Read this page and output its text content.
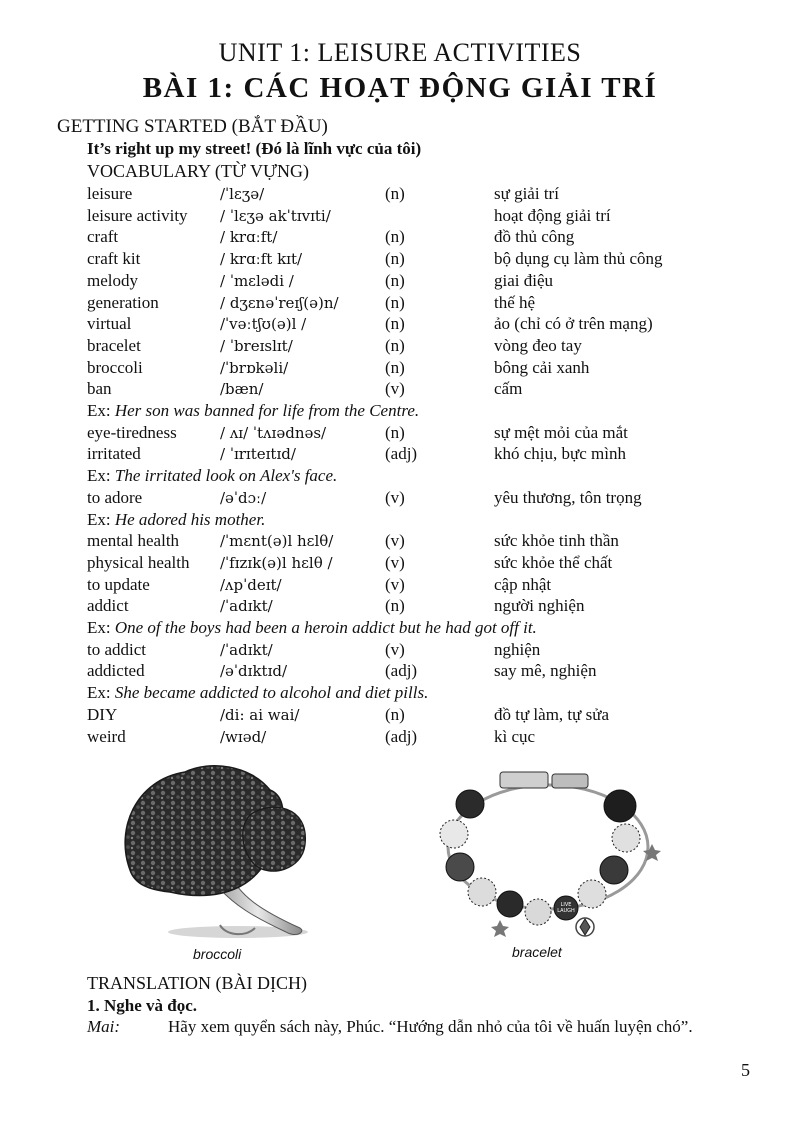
UNIT 1: LEISURE ACTIVITIES
BÀI 1: CÁC HOẠT ĐỘNG GIẢI TRÍ
GETTING STARTED (BẮT ĐẦU)
It’s right up my street! (Đó là lĩnh vực của tôi)
VOCABULARY (TỪ VỰNG)
leisure	/ˈlɛʒə/	(n)	sự giải trí
leisure activity / ˈlɛʒə akˈtɪvɪti/	hoạt động giải trí
craft	/ krɑːft/	(n)	đồ thủ công
craft kit	/ krɑːft kɪt/	(n)	bộ dụng cụ làm thủ công
melody	/ ˈmɛlədi /	(n)	giai điệu
generation	/ dʒɛnəˈreɪʃ(ə)n/	(n)	thế hệ
virtual	/ˈvəːtʃʊ(ə)l /	(n)	ảo (chỉ có ở trên mạng)
bracelet	/ ˈbreɪslɪt/	(n)	vòng đeo tay
broccoli	/ˈbrɒkəli/	(n)	bông cải xanh
ban	/bæn/	(v)	cấm
Ex: Her son was banned for life from the Centre.
eye-tiredness	/ ʌɪ/ ˈtʌɪədnəs/	(n)	sự mệt mỏi của mắt
irritated	/ ˈɪrɪteɪtɪd/	(adj)	khó chịu, bực mình
Ex: The irritated look on Alex's face.
to adore	/əˈdɔː/	(v)	yêu thương, tôn trọng
Ex: He adored his mother.
mental health	/ˈmɛnt(ə)l hɛlθ/	(v)	sức khỏe tinh thần
physical health /ˈfɪzɪk(ə)l hɛlθ /	(v)	sức khỏe thể chất
to update	/ʌpˈdeɪt/	(v)	cập nhật
addict	/ˈadɪkt/	(n)	người nghiện
Ex: One of the boys had been a heroin addict but he had got off it.
to addict	/ˈadɪkt/	(v)	nghiện
addicted	/əˈdɪktɪd/	(adj)	say mê, nghiện
Ex: She became addicted to alcohol and diet pills.
DIY	/di: ai wai/	(n)	đồ tự làm, tự sửa
weird	/wɪəd/	(adj)	kì cục
broccoli
LIVE
LAUGH
bracelet
TRANSLATION (BÀI DỊCH)
1. Nghe và đọc.
Mai:	Hãy xem quyển sách này, Phúc. “Hướng dẫn nhỏ của tôi về huấn luyện chó”.
5
